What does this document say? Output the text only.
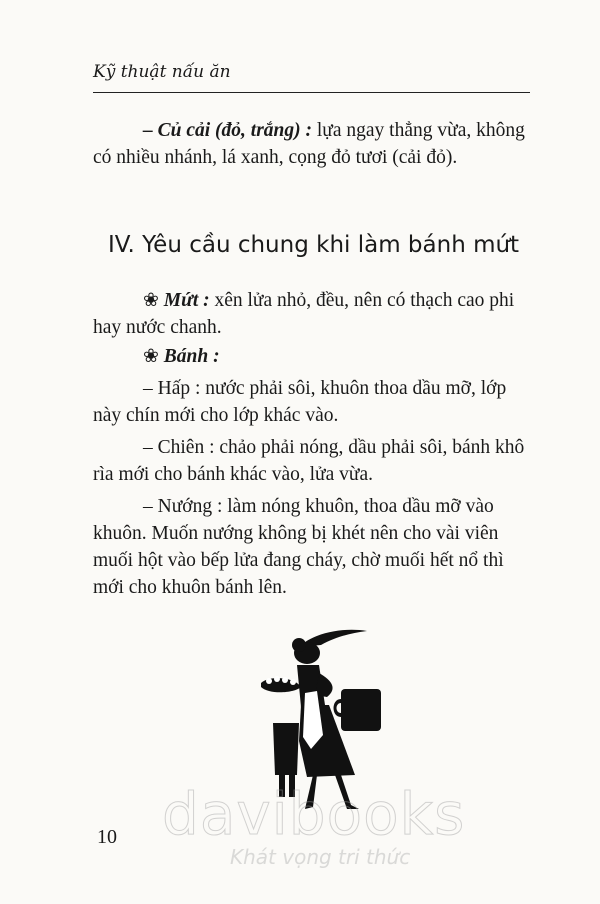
Kỹ thuật nấu ăn

– Củ cải (đỏ, trắng) : lựa ngay thẳng vừa, không có nhiều nhánh, lá xanh, cọng đỏ tươi (cải đỏ).

IV. Yêu cầu chung khi làm bánh mứt

❀ Mứt : xên lửa nhỏ, đều, nên có thạch cao phi hay nước chanh.

❀ Bánh :

– Hấp : nước phải sôi, khuôn thoa dầu mỡ, lớp này chín mới cho lớp khác vào.

– Chiên : chảo phải nóng, dầu phải sôi, bánh khô rìa mới cho bánh khác vào, lửa vừa.

– Nướng : làm nóng khuôn, thoa dầu mỡ vào khuôn. Muốn nướng không bị khét nên cho vài viên muối hột vào bếp lửa đang cháy, chờ muối hết nổ thì mới cho khuôn bánh lên.

davibooks
Khát vọng tri thức
10
